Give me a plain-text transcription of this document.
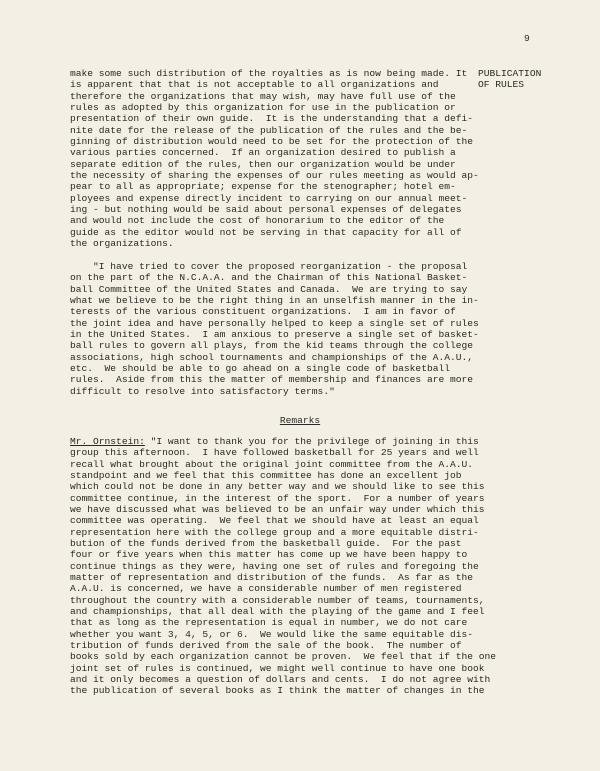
9
PUBLICATION
OF RULES
make some such distribution of the royalties as is now being made. It
is apparent that that is not acceptable to all organizations and
therefore the organizations that may wish, may have full use of the
rules as adopted by this organization for use in the publication or
presentation of their own guide.  It is the understanding that a defi-
nite date for the release of the publication of the rules and the be-
ginning of distribution would need to be set for the protection of the
various parties concerned.  If an organization desired to publish a
separate edition of the rules, then our organization would be under
the necessity of sharing the expenses of our rules meeting as would ap-
pear to all as appropriate; expense for the stenographer; hotel em-
ployees and expense directly incident to carrying on our annual meet-
ing - but nothing would be said about personal expenses of delegates
and would not include the cost of honorarium to the editor of the
guide as the editor would not be serving in that capacity for all of
the organizations.
"I have tried to cover the proposed reorganization - the proposal
on the part of the N.C.A.A. and the Chairman of this National Basket-
ball Committee of the United States and Canada.  We are trying to say
what we believe to be the right thing in an unselfish manner in the in-
terests of the various constituent organizations.  I am in favor of
the joint idea and have personally helped to keep a single set of rules
in the United States.  I am anxious to preserve a single set of basket-
ball rules to govern all plays, from the kid teams through the college
associations, high school tournaments and championships of the A.A.U.,
etc.  We should be able to go ahead on a single code of basketball
rules.  Aside from this the matter of membership and finances are more
difficult to resolve into satisfactory terms."
Remarks
Mr. Ornstein: "I want to thank you for the privilege of joining in this
group this afternoon.  I have followed basketball for 25 years and well
recall what brought about the original joint committee from the A.A.U.
standpoint and we feel that this committee has done an excellent job
which could not be done in any better way and we should like to see this
committee continue, in the interest of the sport.  For a number of years
we have discussed what was believed to be an unfair way under which this
committee was operating.  We feel that we should have at least an equal
representation here with the college group and a more equitable distri-
bution of the funds derived from the basketball guide.  For the past
four or five years when this matter has come up we have been happy to
continue things as they were, having one set of rules and foregoing the
matter of representation and distribution of the funds.  As far as the
A.A.U. is concerned, we have a considerable number of men registered
throughout the country with a considerable number of teams, tournaments,
and championships, that all deal with the playing of the game and I feel
that as long as the representation is equal in number, we do not care
whether you want 3, 4, 5, or 6.  We would like the same equitable dis-
tribution of funds derived from the sale of the book.  The number of
books sold by each organization cannot be proven.  We feel that if the one
joint set of rules is continued, we might well continue to have one book
and it only becomes a question of dollars and cents.  I do not agree with
the publication of several books as I think the matter of changes in the
